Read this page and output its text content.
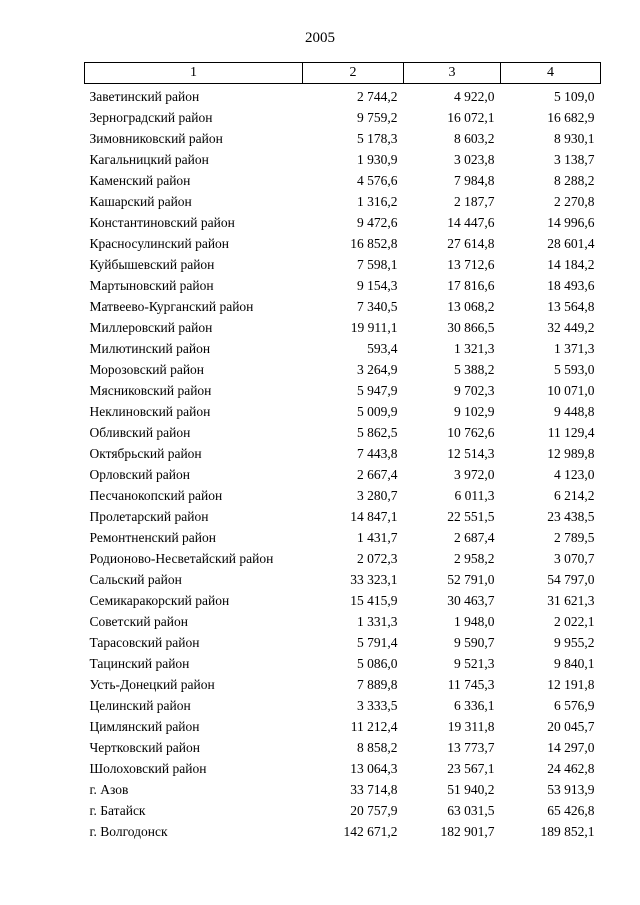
2005
1	2	3	4
Заветинский район	2 744,2	4 922,0	5 109,0
Зерноградский район	9 759,2	16 072,1	16 682,9
Зимовниковский район	5 178,3	8 603,2	8 930,1
Кагальницкий район	1 930,9	3 023,8	3 138,7
Каменский район	4 576,6	7 984,8	8 288,2
Кашарский район	1 316,2	2 187,7	2 270,8
Константиновский район	9 472,6	14 447,6	14 996,6
Красносулинский район	16 852,8	27 614,8	28 601,4
Куйбышевский район	7 598,1	13 712,6	14 184,2
Мартыновский район	9 154,3	17 816,6	18 493,6
Матвеево-Курганский район	7 340,5	13 068,2	13 564,8
Миллеровский район	19 911,1	30 866,5	32 449,2
Милютинский район	593,4	1 321,3	1 371,3
Морозовский район	3 264,9	5 388,2	5 593,0
Мясниковский район	5 947,9	9 702,3	10 071,0
Неклиновский район	5 009,9	9 102,9	9 448,8
Обливский район	5 862,5	10 762,6	11 129,4
Октябрьский район	7 443,8	12 514,3	12 989,8
Орловский район	2 667,4	3 972,0	4 123,0
Песчанокопский район	3 280,7	6 011,3	6 214,2
Пролетарский район	14 847,1	22 551,5	23 438,5
Ремонтненский район	1 431,7	2 687,4	2 789,5
Родионово-Несветайский район	2 072,3	2 958,2	3 070,7
Сальский район	33 323,1	52 791,0	54 797,0
Семикаракорский район	15 415,9	30 463,7	31 621,3
Советский район	1 331,3	1 948,0	2 022,1
Тарасовский район	5 791,4	9 590,7	9 955,2
Тацинский район	5 086,0	9 521,3	9 840,1
Усть-Донецкий район	7 889,8	11 745,3	12 191,8
Целинский район	3 333,5	6 336,1	6 576,9
Цимлянский район	11 212,4	19 311,8	20 045,7
Чертковский район	8 858,2	13 773,7	14 297,0
Шолоховский район	13 064,3	23 567,1	24 462,8
г. Азов	33 714,8	51 940,2	53 913,9
г. Батайск	20 757,9	63 031,5	65 426,8
г. Волгодонск	142 671,2	182 901,7	189 852,1
